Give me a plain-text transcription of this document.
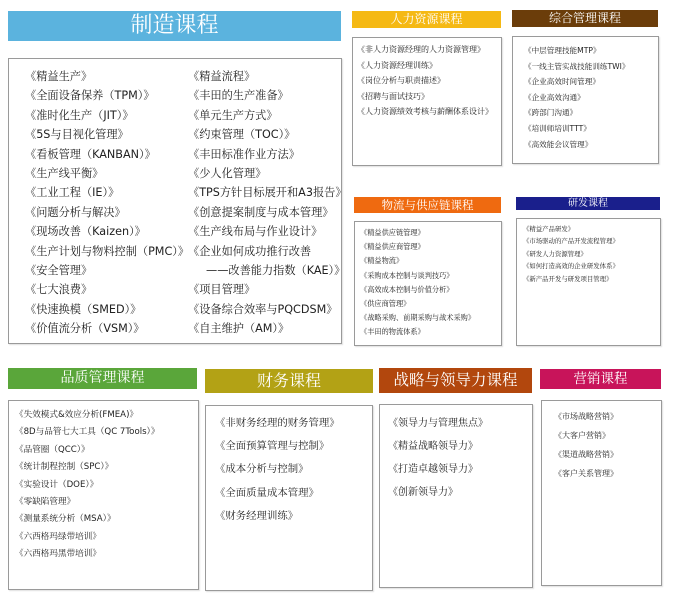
制造课程
《精益生产》
《全面设备保养（TPM）》
《准时化生产（JIT）》
《5S与目视化管理》
《看板管理（KANBAN）》
《生产线平衡》
《工业工程（IE）》
《问题分析与解决》
《现场改善（Kaizen）》
《生产计划与物料控制（PMC）》
《安全管理》
《七大浪费》
《快速换模（SMED）》
《价值流分析（VSM）》
《精益流程》
《丰田的生产准备》
《单元生产方式》
《约束管理（TOC）》
《丰田标准作业方法》
《少人化管理》
《TPS方针目标展开和A3报告》
《创意提案制度与成本管理》
《生产线布局与作业设计》
《企业如何成功推行改善
——改善能力指数（KAE）》
《项目管理》
《设备综合效率与PQCDSM》
《自主维护（AM）》
人力资源课程
《非人力资源经理的人力资源管理》
《人力资源经理训练》
《岗位分析与职责描述》
《招聘与面试技巧》
《人力资源绩效考核与薪酬体系设计》
综合管理课程
《中层管理技能MTP》
《一线主管实战技能训练TWI》
《企业高效时间管理》
《企业高效沟通》
《跨部门沟通》
《培训师培训TTT》
《高效能会议管理》
物流与供应链课程
《精益供应链管理》
《精益供应商管理》
《精益物流》
《采购成本控制与谈判技巧》
《高效成本控制与价值分析》
《供应商管理》
《战略采购、前期采购与战术采购》
《丰田的物流体系》
研发课程
《精益产品研发》
《市场驱动的产品开发流程管理》
《研发人力资源管理》
《如何打造高效的企业研发体系》
《新产品开发与研发项目管理》
品质管理课程
《失效模式&效应分析(FMEA)》
《8D与品管七大工具（QC 7Tools）》
《品管圈（QCC）》
《统计制程控制（SPC）》
《实验设计（DOE）》
《零缺陷管理》
《测量系统分析（MSA）》
《六西格玛绿带培训》
《六西格玛黑带培训》
财务课程
《非财务经理的财务管理》
《全面预算管理与控制》
《成本分析与控制》
《全面质量成本管理》
《财务经理训练》
战略与领导力课程
《领导力与管理焦点》
《精益战略领导力》
《打造卓越领导力》
《创新领导力》
营销课程
《市场战略营销》
《大客户营销》
《渠道战略营销》
《客户关系管理》
